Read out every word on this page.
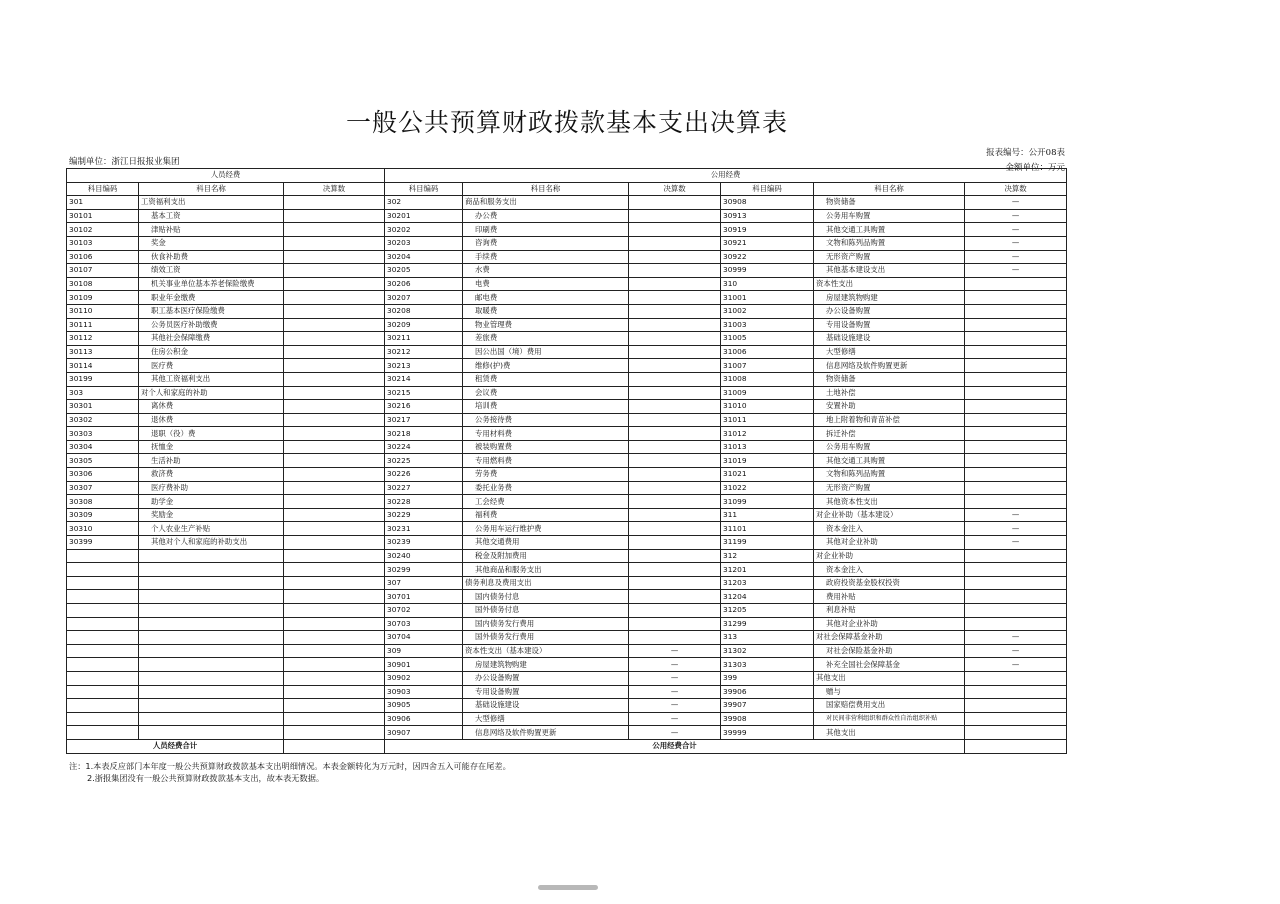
一般公共预算财政拨款基本支出决算表
编制单位：浙江日报报业集团
报表编号：公开08表
金额单位：万元
人员经费			公用经费					
科目编码	科目名称	决算数	科目编码	科目名称	决算数	科目编码	科目名称	决算数
301	工资福利支出		302	商品和服务支出		30908	物资储备	—
30101	基本工资		30201	办公费		30913	公务用车购置	—
30102	津贴补贴		30202	印刷费		30919	其他交通工具购置	—
30103	奖金		30203	咨询费		30921	文物和陈列品购置	—
30106	伙食补助费		30204	手续费		30922	无形资产购置	—
30107	绩效工资		30205	水费		30999	其他基本建设支出	—
30108	机关事业单位基本养老保险缴费		30206	电费		310	资本性支出	
30109	职业年金缴费		30207	邮电费		31001	房屋建筑物购建	
30110	职工基本医疗保险缴费		30208	取暖费		31002	办公设备购置	
30111	公务员医疗补助缴费		30209	物业管理费		31003	专用设备购置	
30112	其他社会保障缴费		30211	差旅费		31005	基础设施建设	
30113	住房公积金		30212	因公出国（境）费用		31006	大型修缮	
30114	医疗费		30213	维修(护)费		31007	信息网络及软件购置更新	
30199	其他工资福利支出		30214	租赁费		31008	物资储备	
303	对个人和家庭的补助		30215	会议费		31009	土地补偿	
30301	离休费		30216	培训费		31010	安置补助	
30302	退休费		30217	公务接待费		31011	地上附着物和青苗补偿	
30303	退职（役）费		30218	专用材料费		31012	拆迁补偿	
30304	抚恤金		30224	被装购置费		31013	公务用车购置	
30305	生活补助		30225	专用燃料费		31019	其他交通工具购置	
30306	救济费		30226	劳务费		31021	文物和陈列品购置	
30307	医疗费补助		30227	委托业务费		31022	无形资产购置	
30308	助学金		30228	工会经费		31099	其他资本性支出	
30309	奖励金		30229	福利费		311	对企业补助（基本建设）	—
30310	个人农业生产补贴		30231	公务用车运行维护费		31101	资本金注入	—
30399	其他对个人和家庭的补助支出		30239	其他交通费用		31199	其他对企业补助	—
			30240	税金及附加费用		312	对企业补助	
			30299	其他商品和服务支出		31201	资本金注入	
			307	债务利息及费用支出		31203	政府投资基金股权投资	
			30701	国内债务付息		31204	费用补贴	
			30702	国外债务付息		31205	利息补贴	
			30703	国内债务发行费用		31299	其他对企业补助	
			30704	国外债务发行费用		313	对社会保障基金补助	—
			309	资本性支出（基本建设）	—	31302	对社会保险基金补助	—
			30901	房屋建筑物购建	—	31303	补充全国社会保障基金	—
			30902	办公设备购置	—	399	其他支出	
			30903	专用设备购置	—	39906	赠与	
			30905	基础设施建设	—	39907	国家赔偿费用支出	
			30906	大型修缮	—	39908	对民间非营利组织和群众性自治组织补贴	
			30907	信息网络及软件购置更新	—	39999	其他支出	
人员经费合计			公用经费合计					
注：1.本表反应部门本年度一般公共预算财政拨款基本支出明细情况。本表金额转化为万元时，因四舍五入可能存在尾差。
2.浙报集团没有一般公共预算财政拨款基本支出，故本表无数据。
